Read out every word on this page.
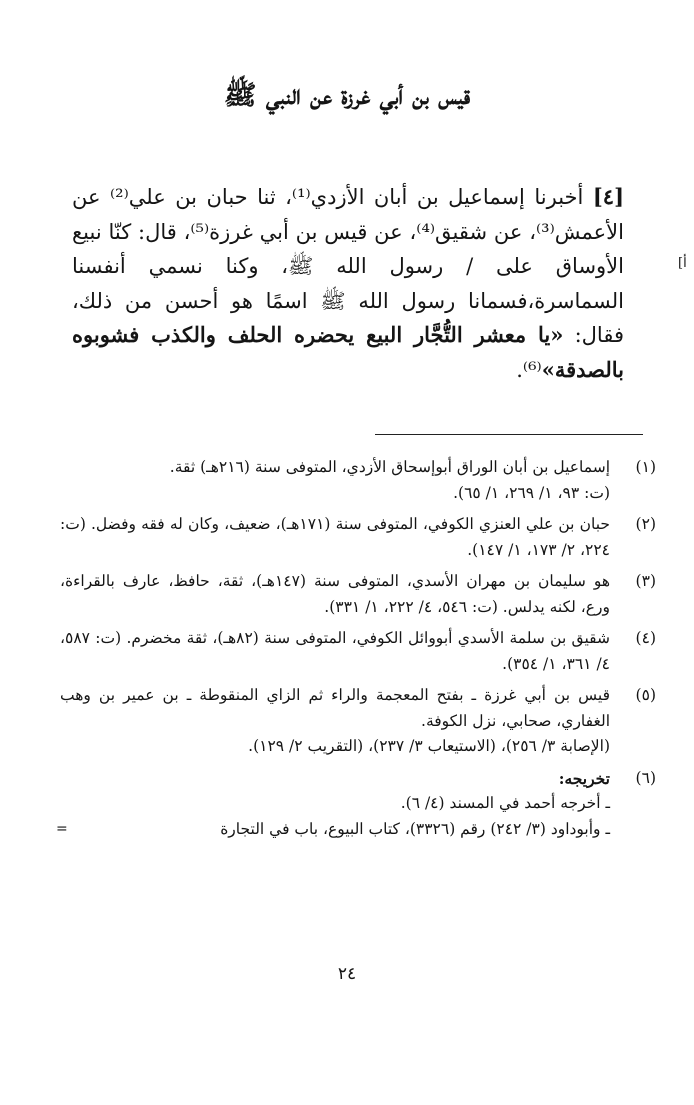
قيس بن أبي غرزة عن النبي ﷺ
[أ

[٤] أخبرنا إسماعيل بن أبان الأزدي⁽¹⁾، ثنا حبان بن علي⁽²⁾ عن الأعمش⁽³⁾، عن شقيق⁽⁴⁾، عن قيس بن أبي غرزة⁽⁵⁾، قال: كنّا نبيع الأوساق على / رسول الله ﷺ، وكنا نسمي أنفسنا السماسرة،فسمانا رسول الله ﷺ اسمًا هو أحسن من ذلك، فقال: «يا معشر التُّجَّار البيع يحضره الحلف والكذب فشوبوه بالصدقة»⁽⁶⁾.

(١)

إسماعيل بن أبان الوراق أبوإسحاق الأزدي، المتوفى سنة (٢١٦هـ) ثقة.

(ت: ٩٣، ١/ ٢٦٩، ١/ ٦٥).

(٢)

حبان بن علي العنزي الكوفي، المتوفى سنة (١٧١هـ)، ضعيف، وكان له فقه وفضل. (ت: ٢٢٤، ٢/ ١٧٣، ١/ ١٤٧).

(٣)

هو سليمان بن مهران الأسدي، المتوفى سنة (١٤٧هـ)، ثقة، حافظ، عارف بالقراءة، ورع، لكنه يدلس. (ت: ٥٤٦، ٤/ ٢٢٢، ١/ ٣٣١).

(٤)

شقيق بن سلمة الأسدي أبووائل الكوفي، المتوفى سنة (٨٢هـ)، ثقة مخضرم. (ت: ٥٨٧، ٤/ ٣٦١، ١/ ٣٥٤).

(٥)

قيس بن أبي غرزة ـ بفتح المعجمة والراء ثم الزاي المنقوطة ـ بن عمير بن وهب الغفاري، صحابي، نزل الكوفة.

(الإصابة ٣/ ٢٥٦)، (الاستيعاب ٣/ ٢٣٧)، (التقريب ٢/ ١٢٩).

(٦)

تخريجه:

ـ أخرجه أحمد في المسند (٤/ ٦).

ـ وأبوداود (٣/ ٢٤٢) رقم (٣٣٢٦)، كتاب البيوع، باب في التجارة

=
٢٤
